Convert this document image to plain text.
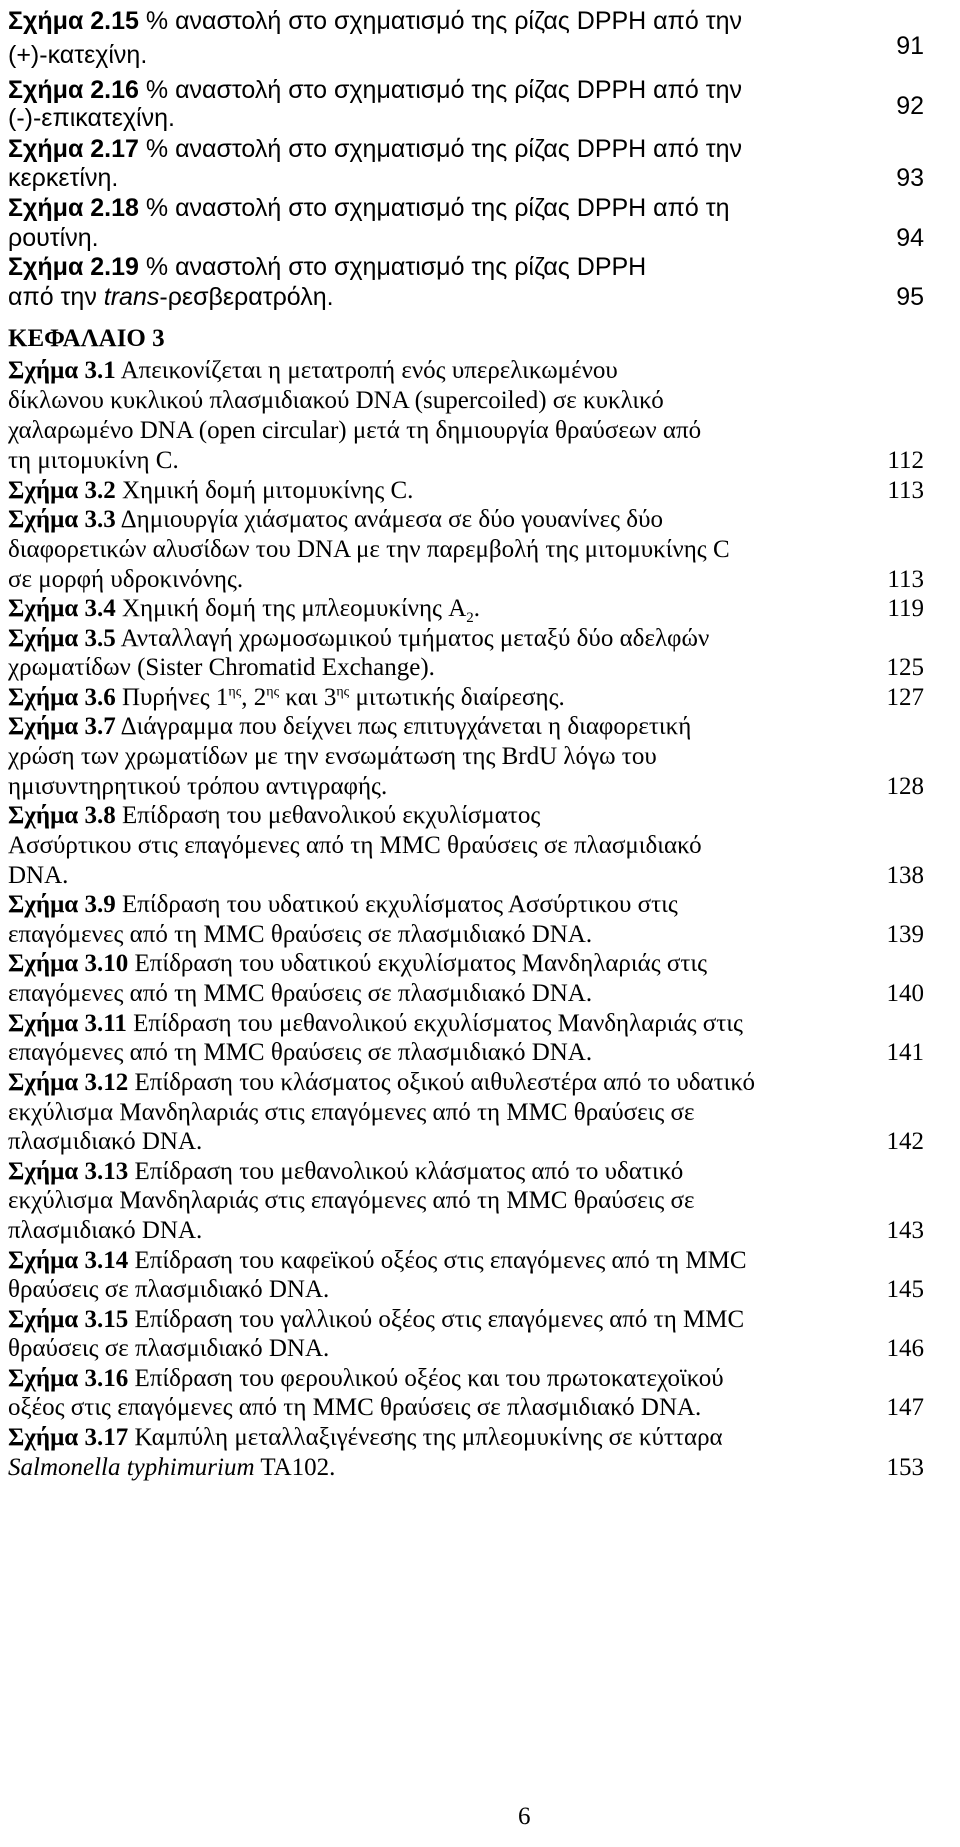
Σχήμα 2.15 % αναστολή στο σχηματισμό της ρίζας DPPH από την
(+)-κατεχίνη.	91
Σχήμα 2.16 % αναστολή στο σχηματισμό της ρίζας DPPH από την
(-)-επικατεχίνη.	92
Σχήμα 2.17 % αναστολή στο σχηματισμό της ρίζας DPPH από την
κερκετίνη.	93
Σχήμα 2.18 % αναστολή στο σχηματισμό της ρίζας DPPH από τη
ρουτίνη.	94
Σχήμα 2.19 % αναστολή στο σχηματισμό της ρίζας DPPH
από την trans-ρεσβερατρόλη.	95
ΚΕΦΑΛΑΙΟ 3
Σχήμα 3.1 Απεικονίζεται η μετατροπή ενός υπερελικωμένου
δίκλωνου κυκλικού πλασμιδιακού DNA (supercoiled) σε κυκλικό
χαλαρωμένο DNA (open circular) μετά τη δημιουργία θραύσεων από
τη μιτομυκίνη C.	112
Σχήμα 3.2 Χημική δομή μιτομυκίνης C.	113
Σχήμα 3.3 Δημιουργία χιάσματος ανάμεσα σε δύο γουανίνες δύο
διαφορετικών αλυσίδων του DNA με την παρεμβολή της μιτομυκίνης C
σε μορφή υδροκινόνης.	113
Σχήμα 3.4 Χημική δομή της μπλεομυκίνης $A_2$.	119
Σχήμα 3.5 Ανταλλαγή χρωμοσωμικού τμήματος μεταξύ δύο αδελφών
χρωματίδων (Sister Chromatid Exchange).	125
Σχήμα 3.6 Πυρήνες $1^{\eta\varsigma}$, $2^{\eta\varsigma}$ και $3^{\eta\varsigma}$ μιτωτικής διαίρεσης.	127
Σχήμα 3.7 Διάγραμμα που δείχνει πως επιτυγχάνεται η διαφορετική
χρώση των χρωματίδων με την ενσωμάτωση της BrdU λόγω του
ημισυντηρητικού τρόπου αντιγραφής.	128
Σχήμα 3.8 Επίδραση του μεθανολικού εκχυλίσματος
Ασσύρτικου στις επαγόμενες από τη MMC θραύσεις σε πλασμιδιακό
DNA.	138
Σχήμα 3.9 Επίδραση του υδατικού εκχυλίσματος Ασσύρτικου στις
επαγόμενες από τη MMC θραύσεις σε πλασμιδιακό DNA.	139
Σχήμα 3.10 Επίδραση του υδατικού εκχυλίσματος Μανδηλαριάς στις
επαγόμενες από τη MMC θραύσεις σε πλασμιδιακό DNA.	140
Σχήμα 3.11 Επίδραση του μεθανολικού εκχυλίσματος Μανδηλαριάς στις
επαγόμενες από τη MMC θραύσεις σε πλασμιδιακό DNA.	141
Σχήμα 3.12 Επίδραση του κλάσματος οξικού αιθυλεστέρα από το υδατικό
εκχύλισμα Μανδηλαριάς στις επαγόμενες από τη MMC θραύσεις σε
πλασμιδιακό DNA.	142
Σχήμα 3.13 Επίδραση του μεθανολικού κλάσματος από το υδατικό
εκχύλισμα Μανδηλαριάς στις επαγόμενες από τη MMC θραύσεις σε
πλασμιδιακό DNA.	143
Σχήμα 3.14 Επίδραση του καφεϊκού οξέος στις επαγόμενες από τη MMC
θραύσεις σε πλασμιδιακό DNA.	145
Σχήμα 3.15 Επίδραση του γαλλικού οξέος στις επαγόμενες από τη MMC
θραύσεις σε πλασμιδιακό DNA.	146
Σχήμα 3.16 Επίδραση του φερουλικού οξέος και του πρωτοκατεχοϊκού
οξέος στις επαγόμενες από τη MMC θραύσεις σε πλασμιδιακό DNA.	147
Σχήμα 3.17 Καμπύλη μεταλλαξιγένεσης της μπλεομυκίνης σε κύτταρα
Salmonella typhimurium TA102.	153
6
